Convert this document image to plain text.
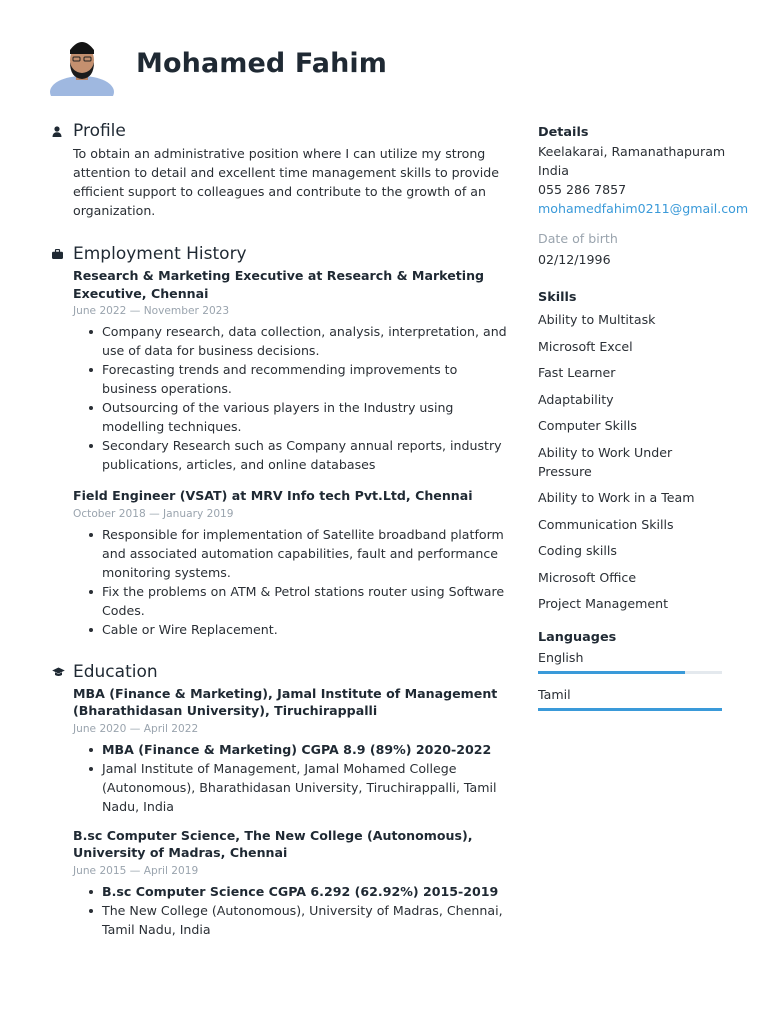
Mohamed Fahim
Profile
To obtain an administrative position where I can utilize my strong attention to detail and excellent time management skills to provide efficient support to colleagues and contribute to the growth of an organization.
Employment History
Research & Marketing Executive at Research & Marketing Executive, Chennai
June 2022 — November 2023
Company research, data collection, analysis, interpretation, and use of data for business decisions.
Forecasting trends and recommending improvements to business operations.
Outsourcing of the various players in the Industry using modelling techniques.
Secondary Research such as Company annual reports, industry publications, articles, and online databases
Field Engineer (VSAT) at MRV Info tech Pvt.Ltd, Chennai
October 2018 — January 2019
Responsible for implementation of Satellite broadband platform and associated automation capabilities, fault and performance monitoring systems.
Fix the problems on ATM & Petrol stations router using Software Codes.
Cable or Wire Replacement.
Education
MBA (Finance & Marketing), Jamal Institute of Management (Bharathidasan University), Tiruchirappalli
June 2020 — April 2022
MBA (Finance & Marketing) CGPA 8.9 (89%) 2020-2022
Jamal Institute of Management, Jamal Mohamed College (Autonomous), Bharathidasan University, Tiruchirappalli, Tamil Nadu, India
B.sc Computer Science, The New College (Autonomous), University of Madras, Chennai
June 2015 — April 2019
B.sc Computer Science CGPA 6.292 (62.92%) 2015-2019
The New College (Autonomous), University of Madras, Chennai, Tamil Nadu, India
Details
Keelakarai, Ramanathapuram
India
055 286 7857
mohamedfahim0211@gmail.com
Date of birth
02/12/1996
Skills
Ability to Multitask
Microsoft Excel
Fast Learner
Adaptability
Computer Skills
Ability to Work Under Pressure
Ability to Work in a Team
Communication Skills
Coding skills
Microsoft Office
Project Management
Languages
English
Tamil
